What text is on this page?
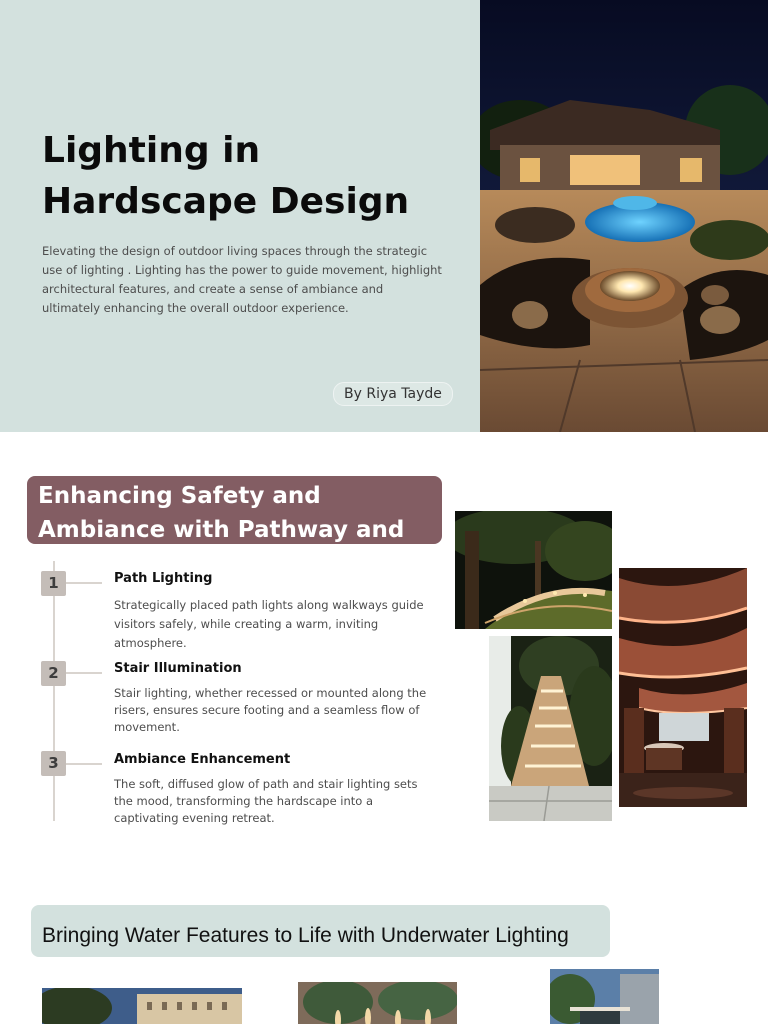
Lighting in
Hardscape Design

Elevating the design of outdoor living spaces through the strategic use of lighting . Lighting has the power to guide movement, highlight architectural features, and create a sense of ambiance and ultimately enhancing the overall outdoor experience.

By Riya Tayde
Enhancing Safety and Ambiance with Pathway and
1	Path Lighting

Strategically placed path lights along walkways guide visitors safely, while creating a warm, inviting atmosphere.

2	Stair Illumination

Stair lighting, whether recessed or mounted along the risers, ensures secure footing and a seamless flow of movement.

3	Ambiance Enhancement

The soft, diffused glow of path and stair lighting sets the mood, transforming the hardscape into a captivating evening retreat.

Bringing Water Features to Life with Underwater Lighting
